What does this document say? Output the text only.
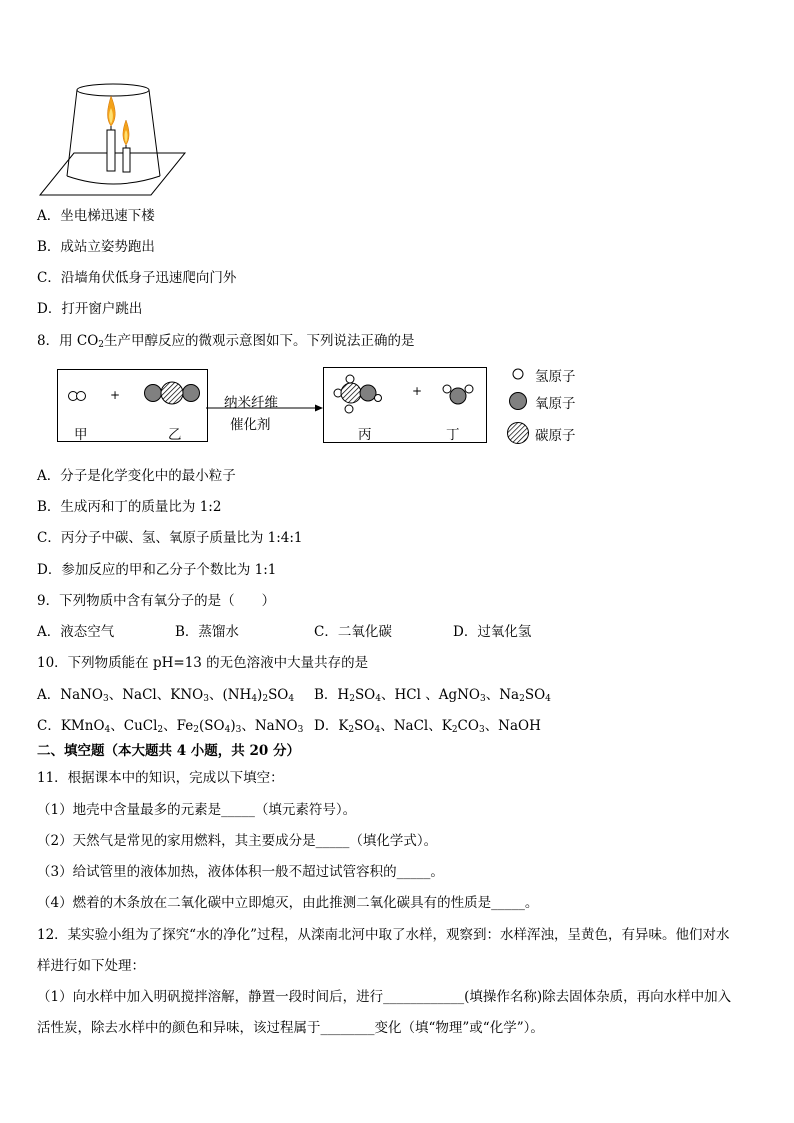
A．坐电梯迅速下楼
B．成站立姿势跑出
C．沿墙角伏低身子迅速爬向门外
D．打开窗户跳出
8．用 $CO_2$生产甲醇反应的微观示意图如下。下列说法正确的是
+
甲	乙
纳米纤维
催化剂
+
丙	丁
氢原子
氧原子
碳原子
A．分子是化学变化中的最小粒子
B．生成丙和丁的质量比为 1:2
C．丙分子中碳、氢、氧原子质量比为 1:4:1
D．参加反应的甲和乙分子个数比为 1:1
9．下列物质中含有氧分子的是（　　）
A．液态空气	B．蒸馏水	C．二氧化碳	D．过氧化氢
10．下列物质能在 pH=13 的无色溶液中大量共存的是
A．NaNO$_3$、NaCl、$KNO_3$、$(NH_4)_2SO_4$ B．$H_2SO_4$、HCl 、AgNO$_3$、$Na_2SO_4$
C．KMnO$_4$、CuCl$_2$、$Fe_2(SO_4)_3$、NaNO$_3$ D．$K_2SO_4$、NaCl、$K_2CO_3$、NaOH
二、填空题（本大题共 4 小题，共 20 分）
11．根据课本中的知识，完成以下填空：
（1）地壳中含量最多的元素是_____（填元素符号）。
（2）天然气是常见的家用燃料，其主要成分是_____（填化学式）。
（3）给试管里的液体加热，液体体积一般不超过试管容积的_____。
（4）燃着的木条放在二氧化碳中立即熄灭，由此推测二氧化碳具有的性质是_____。
12．某实验小组为了探究“水的净化”过程，从滦南北河中取了水样，观察到：水样浑浊，呈黄色，有异味。他们对水
样进行如下处理：
（1）向水样中加入明矾搅拌溶解，静置一段时间后，进行____________(填操作名称)除去固体杂质，再向水样中加入
活性炭，除去水样中的颜色和异味，该过程属于________变化（填“物理”或“化学”）。
